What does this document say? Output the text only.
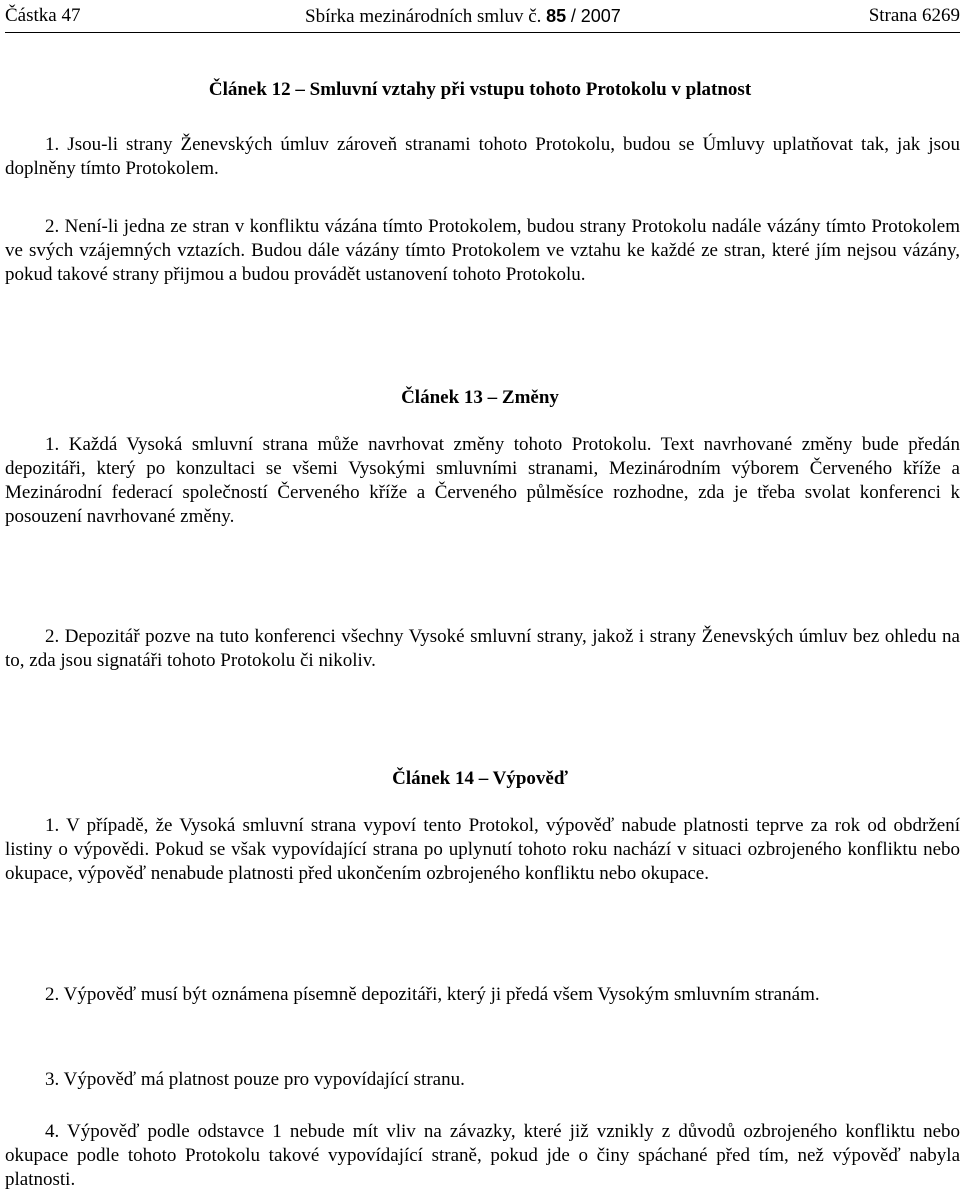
Částka 47	Sbírka mezinárodních smluv č. 85 / 2007	Strana 6269
Článek 12 – Smluvní vztahy při vstupu tohoto Protokolu v platnost
1. Jsou-li strany Ženevských úmluv zároveň stranami tohoto Protokolu, budou se Úmluvy uplatňovat tak, jak jsou doplněny tímto Protokolem.
2. Není-li jedna ze stran v konfliktu vázána tímto Protokolem, budou strany Protokolu nadále vázány tímto Protokolem ve svých vzájemných vztazích. Budou dále vázány tímto Protokolem ve vztahu ke každé ze stran, které jím nejsou vázány, pokud takové strany přijmou a budou provádět ustanovení tohoto Protokolu.
Článek 13 – Změny
1. Každá Vysoká smluvní strana může navrhovat změny tohoto Protokolu. Text navrhované změny bude předán depozitáři, který po konzultaci se všemi Vysokými smluvními stranami, Mezinárodním výborem Červeného kříže a Mezinárodní federací společností Červeného kříže a Červeného půlměsíce rozhodne, zda je třeba svolat konferenci k posouzení navrhované změny.
2. Depozitář pozve na tuto konferenci všechny Vysoké smluvní strany, jakož i strany Ženevských úmluv bez ohledu na to, zda jsou signatáři tohoto Protokolu či nikoliv.
Článek 14 – Výpověď
1. V případě, že Vysoká smluvní strana vypoví tento Protokol, výpověď nabude platnosti teprve za rok od obdržení listiny o výpovědi. Pokud se však vypovídající strana po uplynutí tohoto roku nachází v situaci ozbrojeného konfliktu nebo okupace, výpověď nenabude platnosti před ukončením ozbrojeného konfliktu nebo okupace.
2. Výpověď musí být oznámena písemně depozitáři, který ji předá všem Vysokým smluvním stranám.
3. Výpověď má platnost pouze pro vypovídající stranu.
4. Výpověď podle odstavce 1 nebude mít vliv na závazky, které již vznikly z důvodů ozbrojeného konfliktu nebo okupace podle tohoto Protokolu takové vypovídající straně, pokud jde o činy spáchané před tím, než výpověď nabyla platnosti.
